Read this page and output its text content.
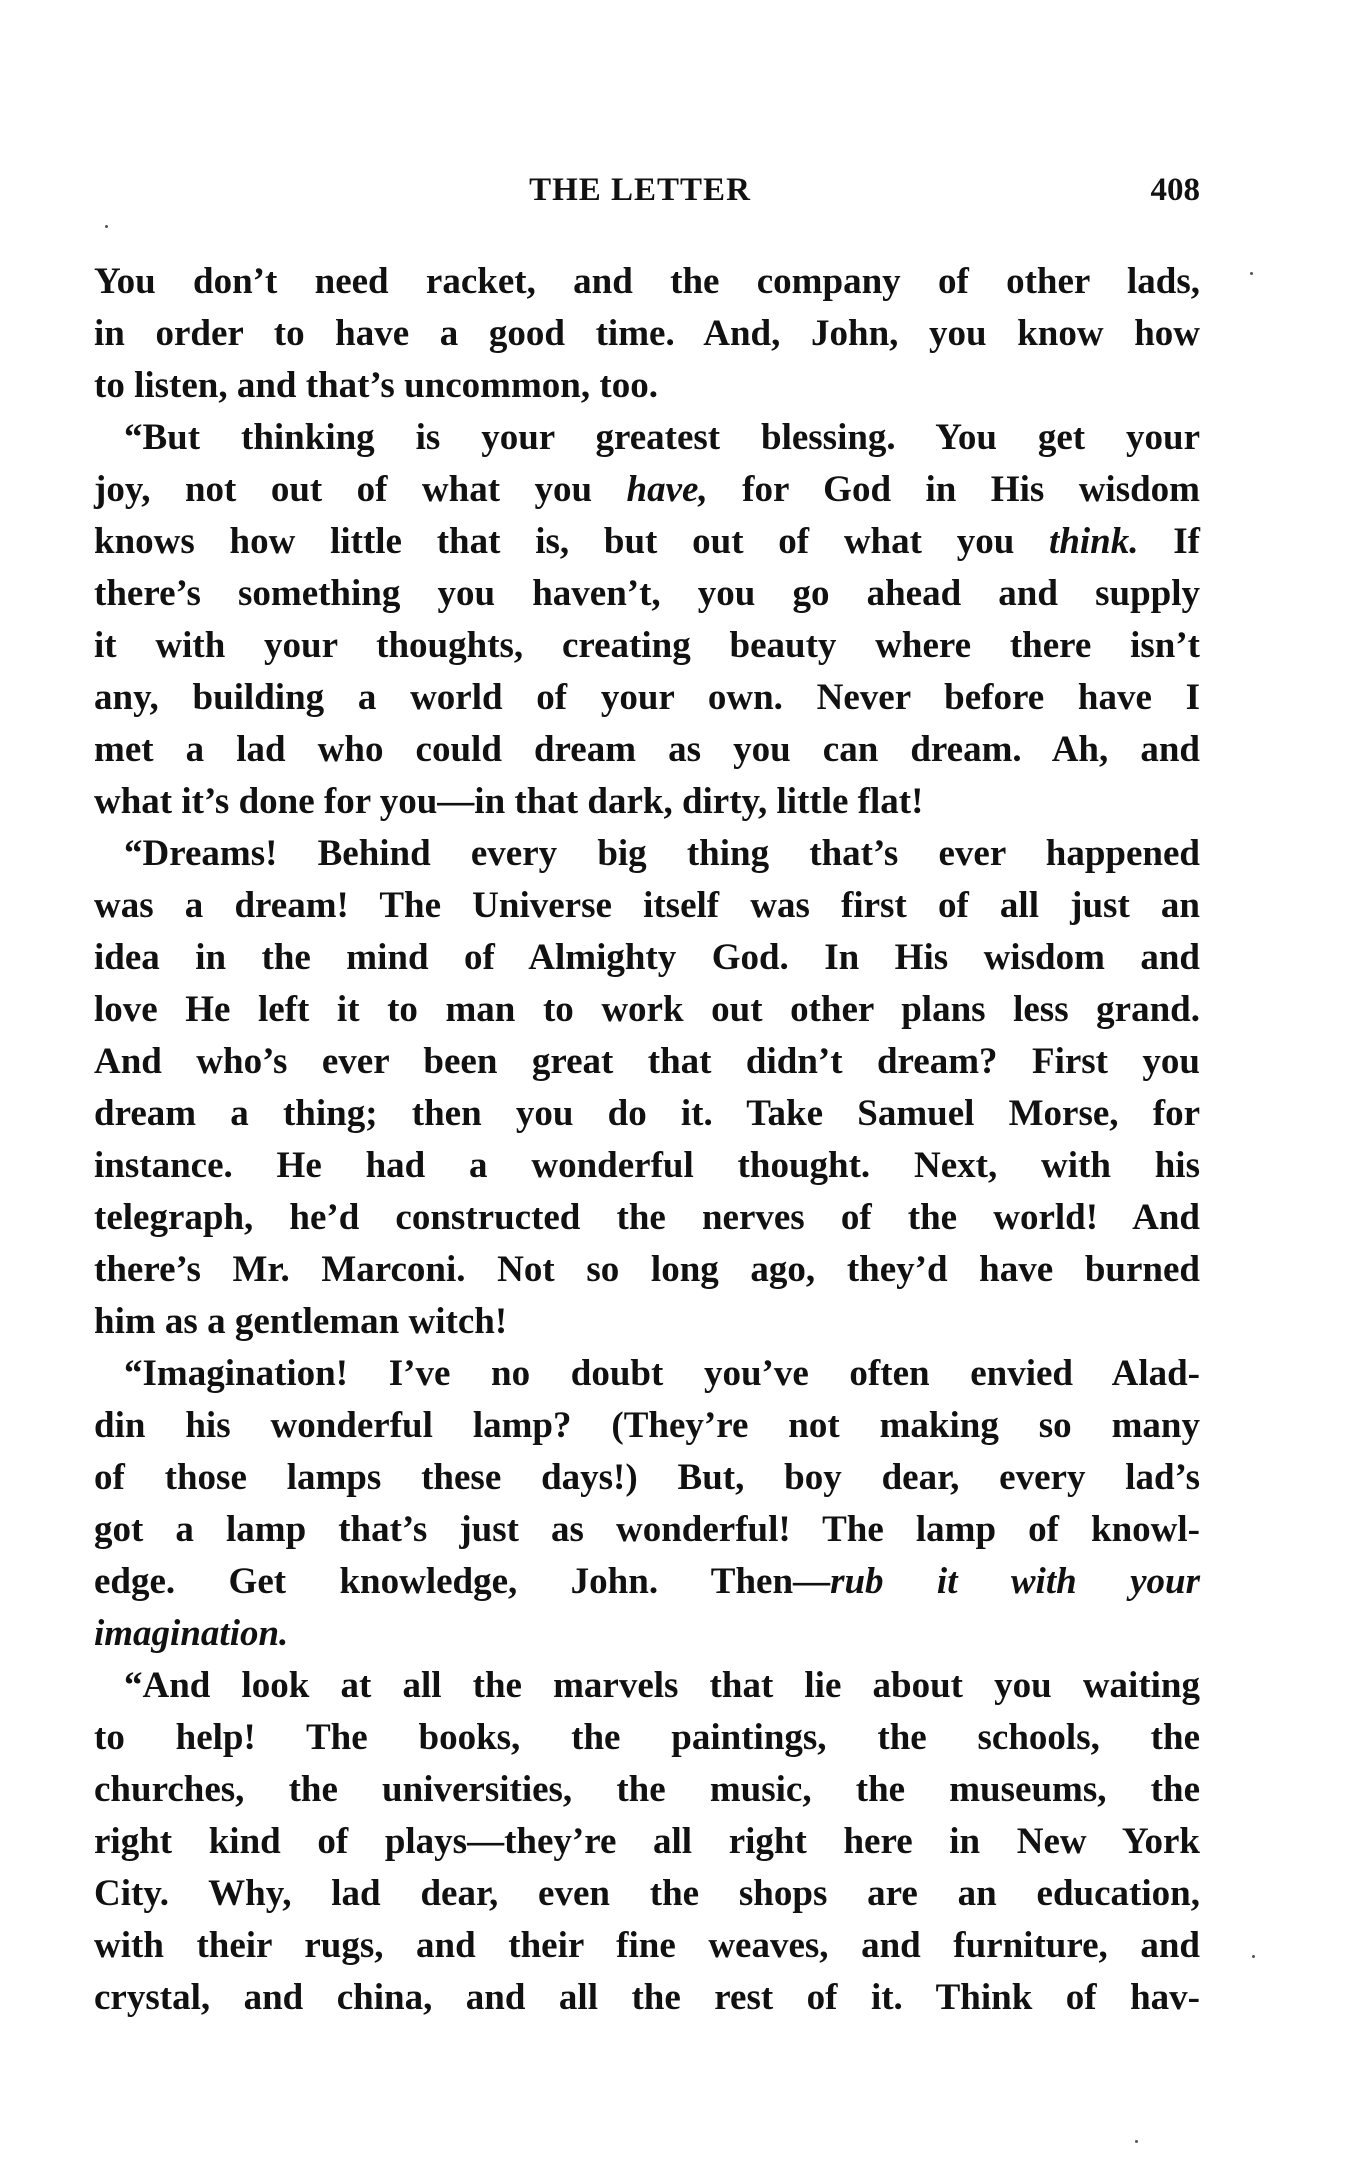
THE LETTER	408
You don’t need racket, and the company of other lads,
in order to have a good time. And, John, you know how
to listen, and that’s uncommon, too.
“But thinking is your greatest blessing. You get your
joy, not out of what you have, for God in His wisdom
knows how little that is, but out of what you think. If
there’s something you haven’t, you go ahead and supply
it with your thoughts, creating beauty where there isn’t
any, building a world of your own. Never before have I
met a lad who could dream as you can dream. Ah, and
what it’s done for you—in that dark, dirty, little flat!
“Dreams! Behind every big thing that’s ever happened
was a dream! The Universe itself was first of all just an
idea in the mind of Almighty God. In His wisdom and
love He left it to man to work out other plans less grand.
And who’s ever been great that didn’t dream? First you
dream a thing; then you do it. Take Samuel Morse, for
instance. He had a wonderful thought. Next, with his
telegraph, he’d constructed the nerves of the world! And
there’s Mr. Marconi. Not so long ago, they’d have burned
him as a gentleman witch!
“Imagination! I’ve no doubt you’ve often envied Alad-
din his wonderful lamp? (They’re not making so many
of those lamps these days!) But, boy dear, every lad’s
got a lamp that’s just as wonderful! The lamp of knowl-
edge. Get knowledge, John. Then—rub it with your
imagination.
“And look at all the marvels that lie about you waiting
to help! The books, the paintings, the schools, the
churches, the universities, the music, the museums, the
right kind of plays—they’re all right here in New York
City. Why, lad dear, even the shops are an education,
with their rugs, and their fine weaves, and furniture, and
crystal, and china, and all the rest of it. Think of hav-
